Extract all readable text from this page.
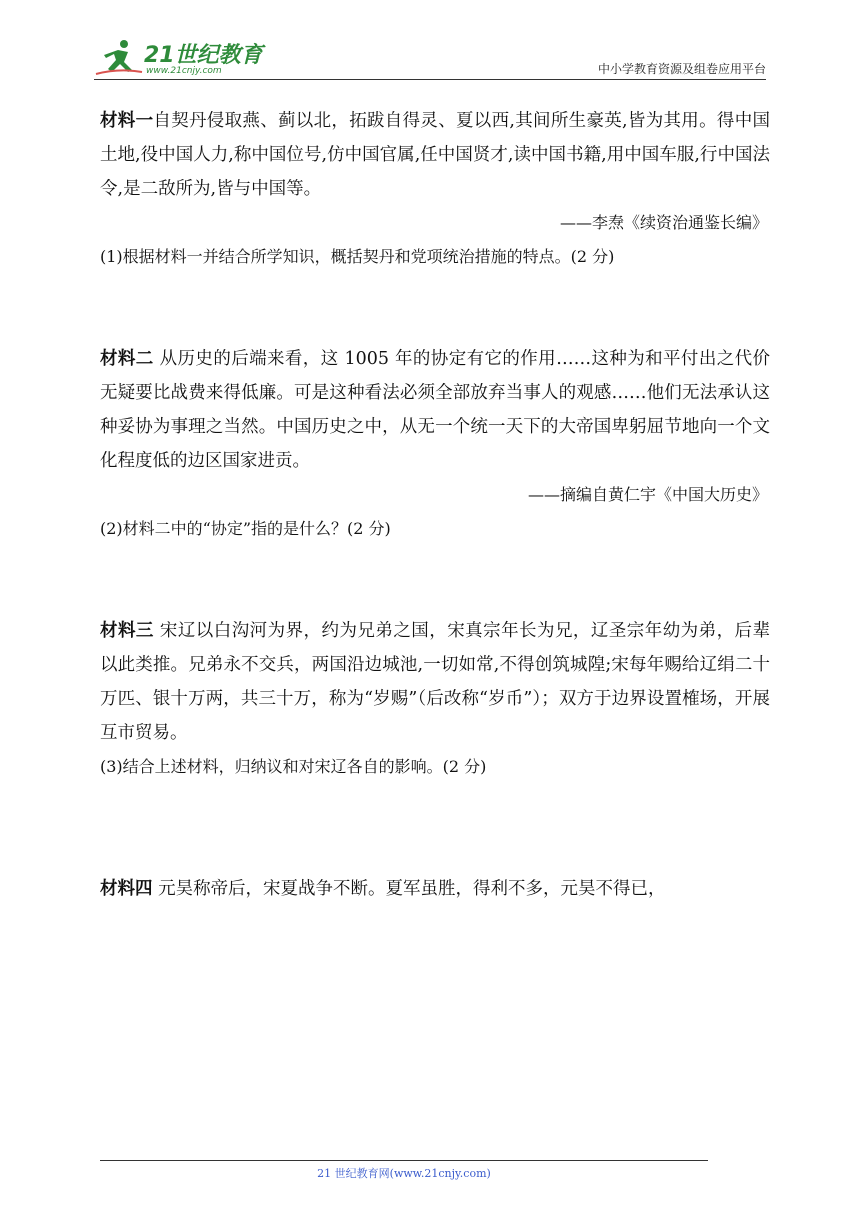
21世纪教育
www.21cnjy.com	中小学教育资源及组卷应用平台

材料一自契丹侵取燕、蓟以北，拓跋自得灵、夏以西,其间所生豪英,皆为其用。得中国土地,役中国人力,称中国位号,仿中国官属,任中国贤才,读中国书籍,用中国车服,行中国法令,是二敌所为,皆与中国等。

——李焘《续资治通鉴长编》

(1)根据材料一并结合所学知识，概括契丹和党项统治措施的特点。(2 分)

材料二 从历史的后端来看，这 1005 年的协定有它的作用……这种为和平付出之代价无疑要比战费来得低廉。可是这种看法必须全部放弃当事人的观感……他们无法承认这种妥协为事理之当然。中国历史之中，从无一个统一天下的大帝国卑躬屈节地向一个文化程度低的边区国家进贡。

——摘编自黄仁宇《中国大历史》

(2)材料二中的“协定”指的是什么？(2 分)

材料三 宋辽以白沟河为界，约为兄弟之国，宋真宗年长为兄，辽圣宗年幼为弟，后辈以此类推。兄弟永不交兵，两国沿边城池,一切如常,不得创筑城隍;宋每年赐给辽绢二十万匹、银十万两，共三十万，称为“岁赐”（后改称“岁币”）；双方于边界设置榷场，开展互市贸易。

(3)结合上述材料，归纳议和对宋辽各自的影响。(2 分)

材料四 元昊称帝后，宋夏战争不断。夏军虽胜，得利不多，元昊不得已，

21 世纪教育网(www.21cnjy.com)
